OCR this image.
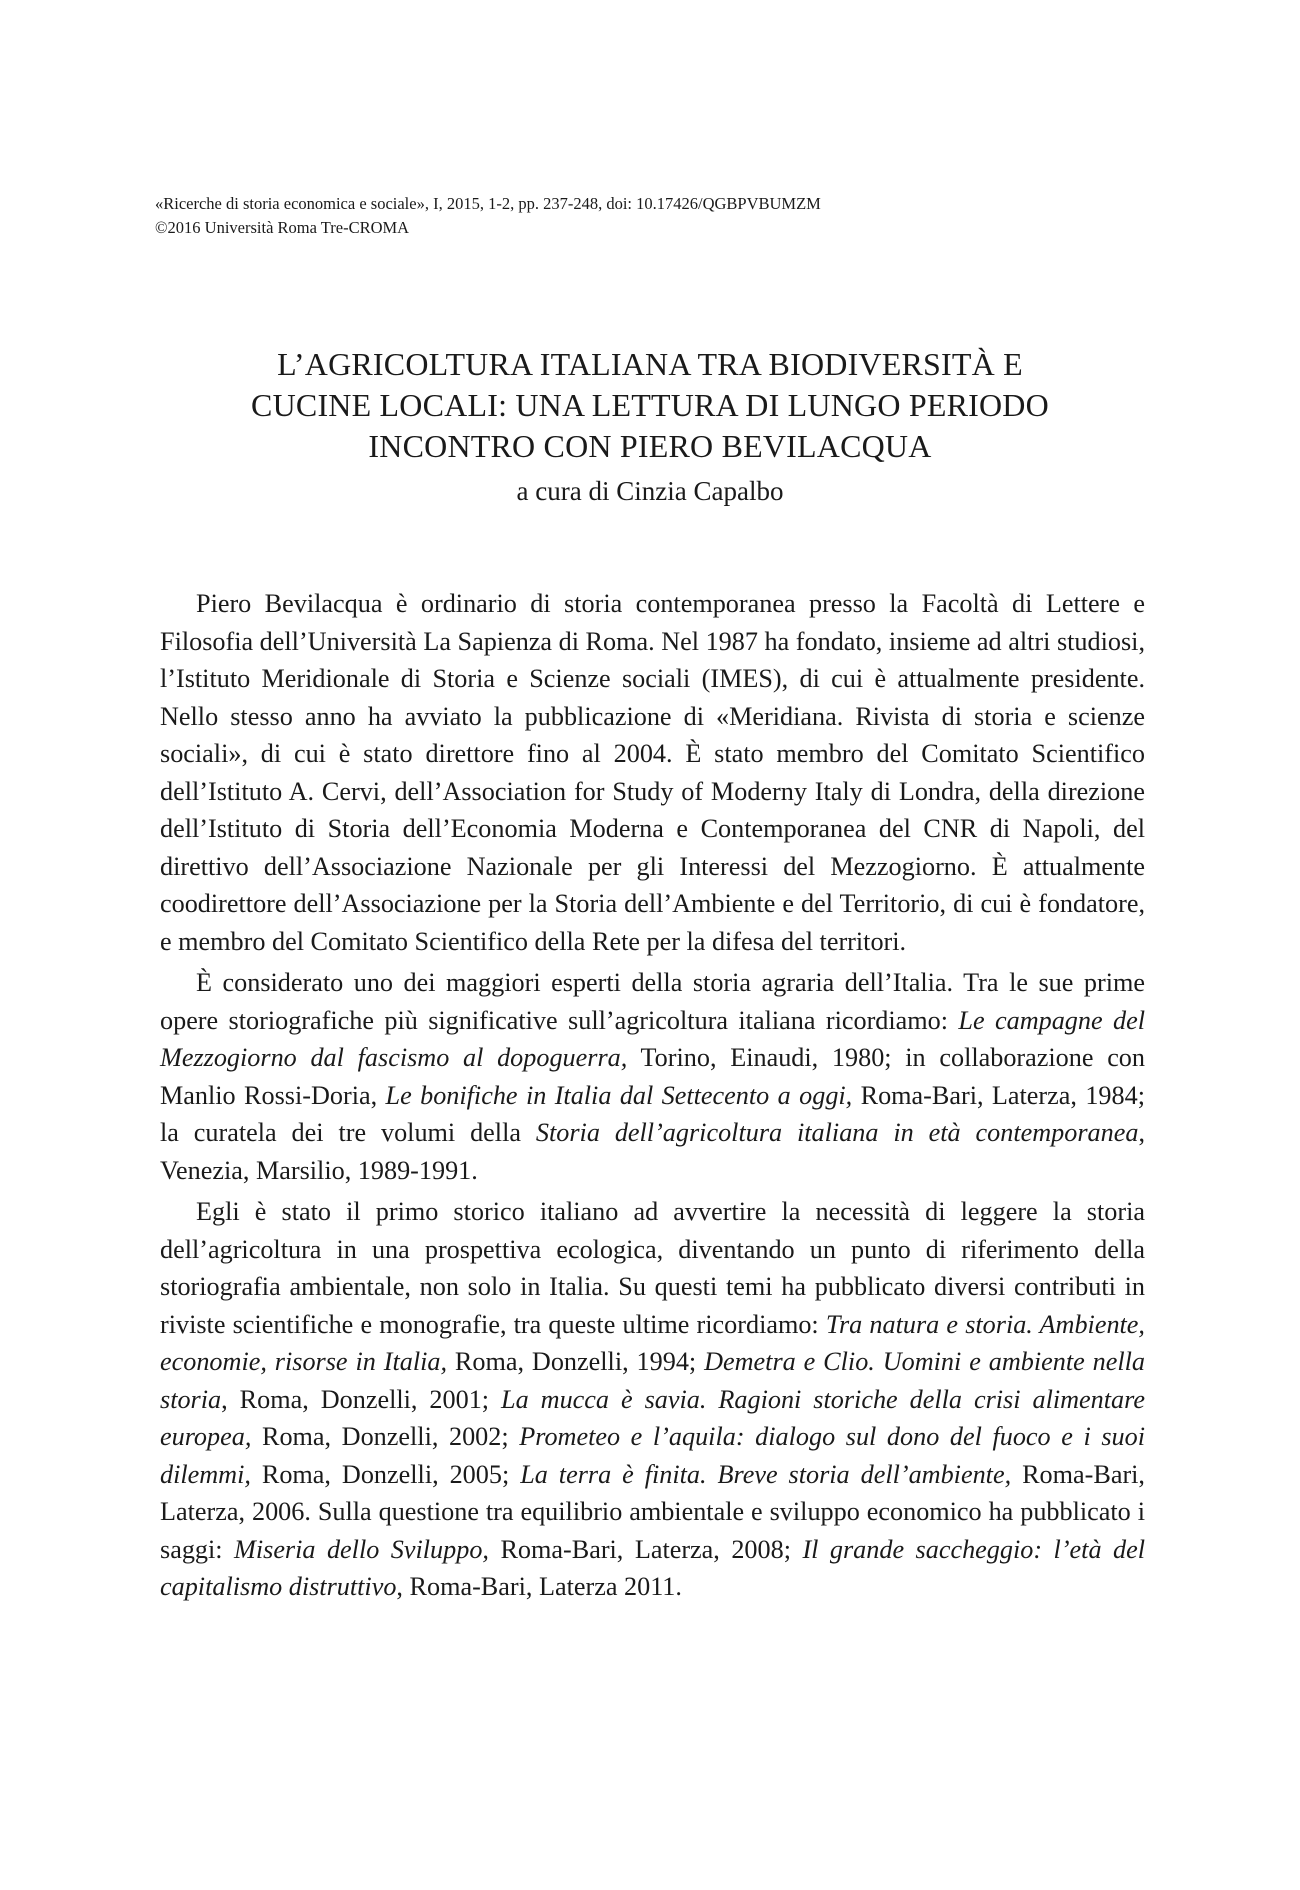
«Ricerche di storia economica e sociale», I, 2015, 1-2, pp. 237-248, doi: 10.17426/QGBPVBUMZM
©2016 Università Roma Tre-CROMA
L’AGRICOLTURA ITALIANA TRA BIODIVERSITÀ E
CUCINE LOCALI: UNA LETTURA DI LUNGO PERIODO
INCONTRO CON PIERO BEVILACQUA
a cura di Cinzia Capalbo

Piero Bevilacqua è ordinario di storia contemporanea presso la Facoltà di Lettere e Filosofia dell’Università La Sapienza di Roma. Nel 1987 ha fondato, insieme ad altri studiosi, l’Istituto Meridionale di Storia e Scienze sociali (IMES), di cui è attualmente presidente. Nello stesso anno ha avviato la pubblicazione di «Meridiana. Rivista di storia e scienze sociali», di cui è stato direttore fino al 2004. È stato membro del Comitato Scientifico dell’Istituto A. Cervi, dell’Association for Study of Moderny Italy di Londra, della direzione dell’Istituto di Storia dell’Economia Moderna e Contemporanea del CNR di Napoli, del direttivo dell’Associazione Nazionale per gli Interessi del Mezzogiorno. È attualmente coodirettore dell’Associazione per la Storia dell’Ambiente e del Territorio, di cui è fondatore, e membro del Comitato Scientifico della Rete per la difesa del territori.

È considerato uno dei maggiori esperti della storia agraria dell’Italia. Tra le sue prime opere storiografiche più significative sull’agricoltura italiana ricordiamo: Le campagne del Mezzogiorno dal fascismo al dopoguerra, Torino, Einaudi, 1980; in collaborazione con Manlio Rossi-Doria, Le bonifiche in Italia dal Settecento a oggi, Roma-Bari, Laterza, 1984; la curatela dei tre volumi della Storia dell’agricoltura italiana in età contemporanea, Venezia, Marsilio, 1989-1991.

Egli è stato il primo storico italiano ad avvertire la necessità di leggere la storia dell’agricoltura in una prospettiva ecologica, diventando un punto di riferimento della storiografia ambientale, non solo in Italia. Su questi temi ha pubblicato diversi contributi in riviste scientifiche e monografie, tra queste ultime ricordiamo: Tra natura e storia. Ambiente, economie, risorse in Italia, Roma, Donzelli, 1994; Demetra e Clio. Uomini e ambiente nella storia, Roma, Donzelli, 2001; La mucca è savia. Ragioni storiche della crisi alimentare europea, Roma, Donzelli, 2002; Prometeo e l’aquila: dialogo sul dono del fuoco e i suoi dilemmi, Roma, Donzelli, 2005; La terra è finita. Breve storia dell’ambiente, Roma-Bari, Laterza, 2006. Sulla questione tra equilibrio ambientale e sviluppo economico ha pubblicato i saggi: Miseria dello Sviluppo, Roma-Bari, Laterza, 2008; Il grande saccheggio: l’età del capitalismo distruttivo, Roma-Bari, Laterza 2011.
